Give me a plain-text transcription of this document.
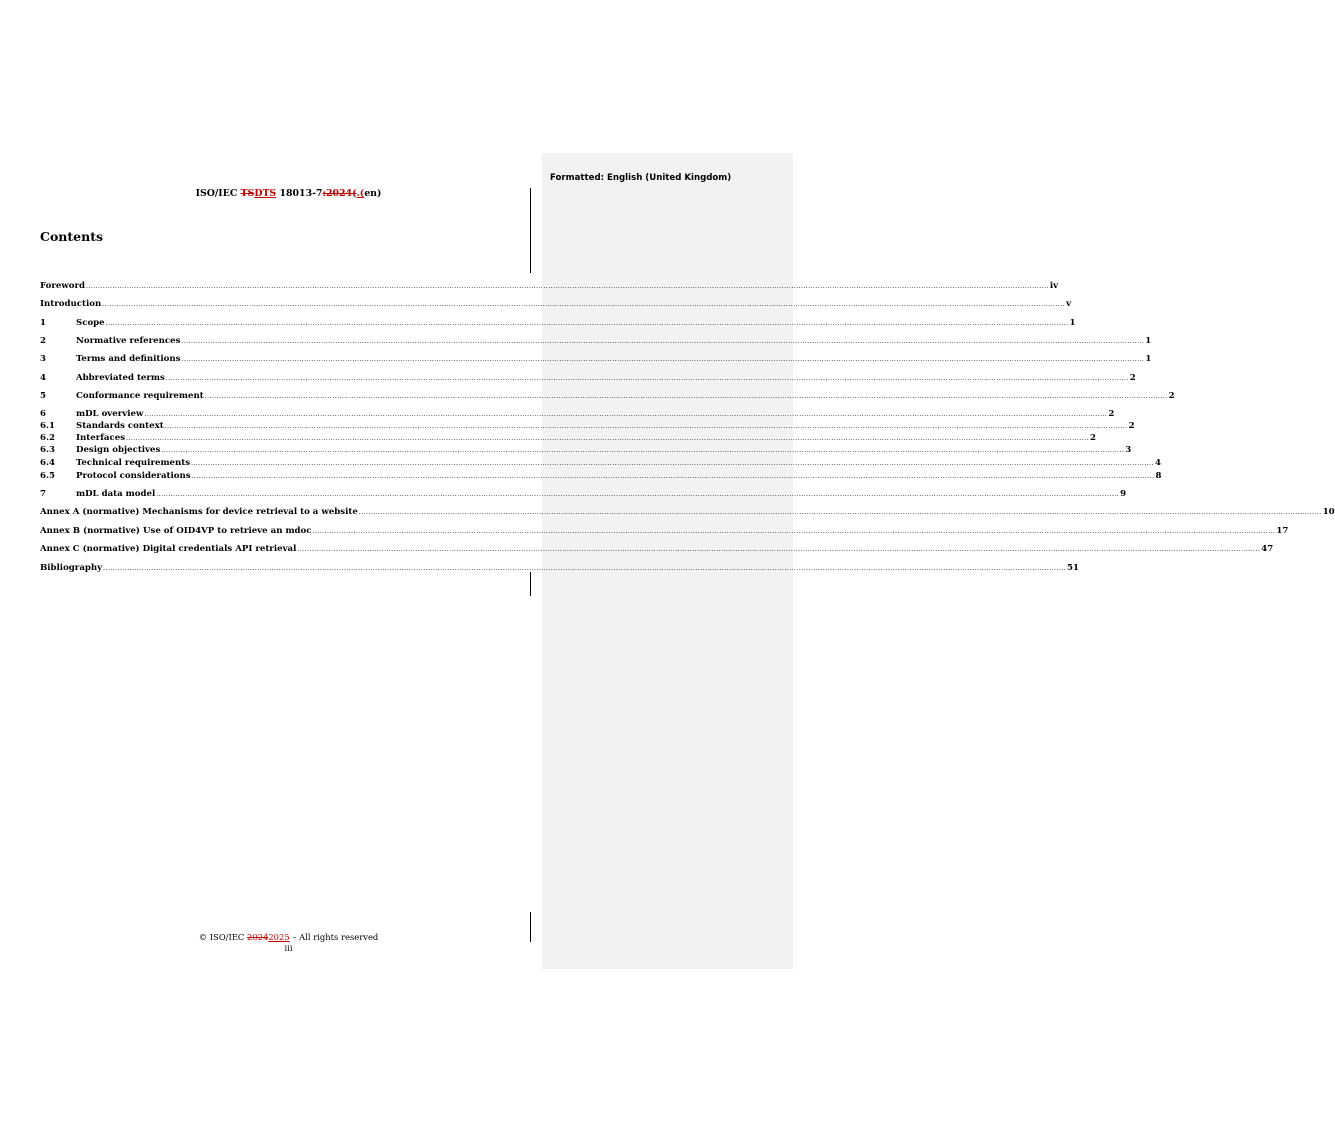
Formatted: English (United Kingdom)
ISO/IEC TSDTS 18013-7:2024(.(en)
Contents
Foreword ................................................................................................................................................................................................................................................................................................................................................................................................................ iv
Introduction ................................................................................................................................................................................................................................................................................................................................................................................................................ v
1	Scope ................................................................................................................................................................................................................................................................................................................................................................................................................ 1
2	Normative references ................................................................................................................................................................................................................................................................................................................................................................................................................ 1
3	Terms and definitions ................................................................................................................................................................................................................................................................................................................................................................................................................ 1
4	Abbreviated terms ................................................................................................................................................................................................................................................................................................................................................................................................................ 2
5	Conformance requirement ................................................................................................................................................................................................................................................................................................................................................................................................................ 2
6	mDL overview ................................................................................................................................................................................................................................................................................................................................................................................................................ 2
6.1	Standards context ................................................................................................................................................................................................................................................................................................................................................................................................................ 2
6.2	Interfaces ................................................................................................................................................................................................................................................................................................................................................................................................................ 2
6.3	Design objectives ................................................................................................................................................................................................................................................................................................................................................................................................................ 3
6.4	Technical requirements ................................................................................................................................................................................................................................................................................................................................................................................................................ 4
6.5	Protocol considerations ................................................................................................................................................................................................................................................................................................................................................................................................................ 8
7	mDL data model ................................................................................................................................................................................................................................................................................................................................................................................................................ 9
Annex A (normative) Mechanisms for device retrieval to a website ................................................................................................................................................................................................................................................................................................................................................................................................................ 10
Annex B (normative) Use of OID4VP to retrieve an mdoc ................................................................................................................................................................................................................................................................................................................................................................................................................ 17
Annex C (normative) Digital credentials API retrieval ................................................................................................................................................................................................................................................................................................................................................................................................................ 47
Bibliography ................................................................................................................................................................................................................................................................................................................................................................................................................ 51
© ISO/IEC 20242025 – All rights reserved
iii
